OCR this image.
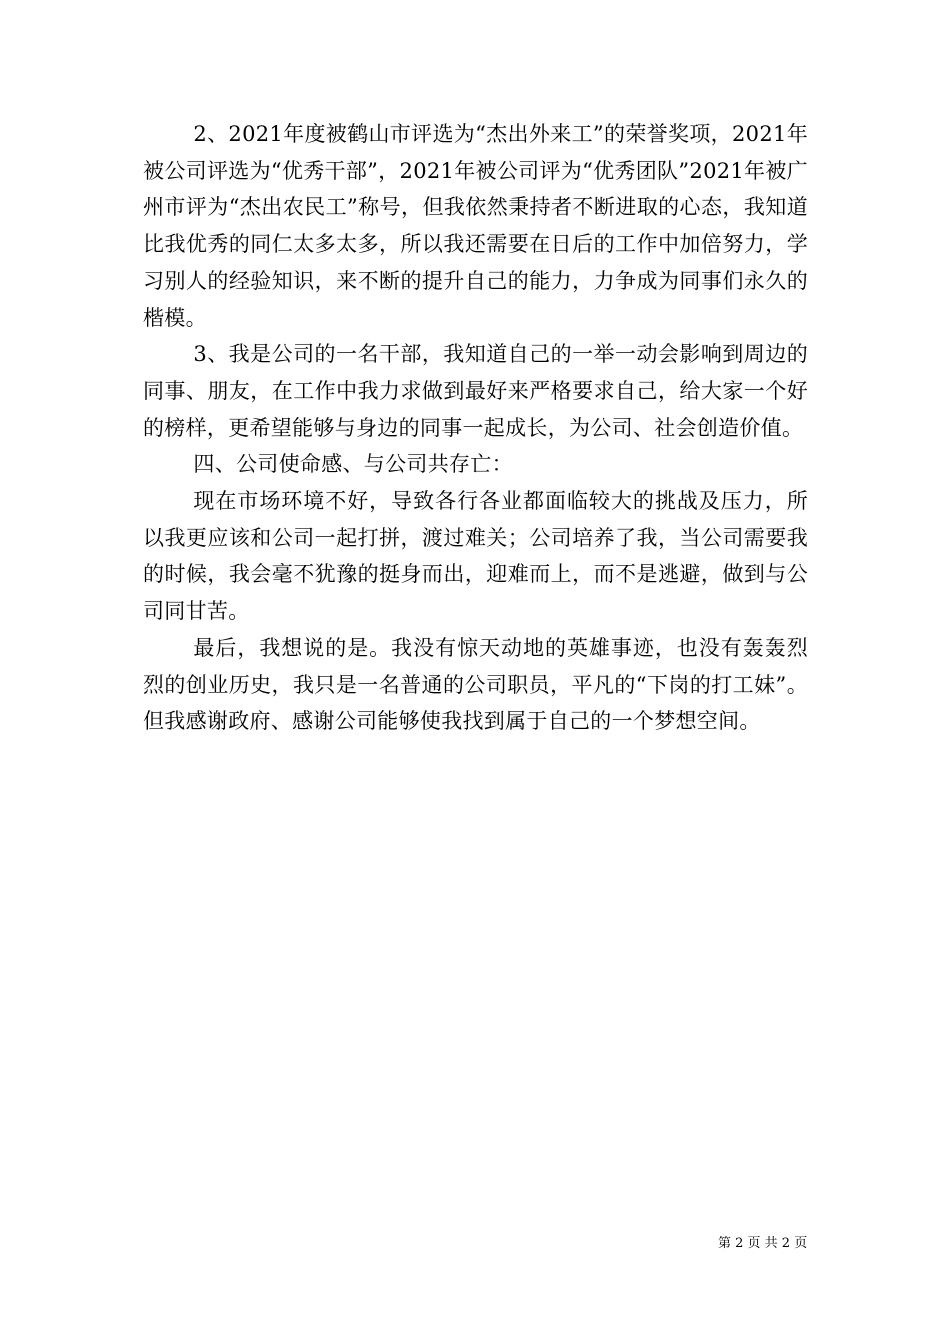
2、2021年度被鹤山市评选为“杰出外来工”的荣誉奖项，2021年被公司评选为“优秀干部”，2021年被公司评为“优秀团队”2021年被广州市评为“杰出农民工”称号，但我依然秉持者不断进取的心态，我知道比我优秀的同仁太多太多，所以我还需要在日后的工作中加倍努力，学习别人的经验知识，来不断的提升自己的能力，力争成为同事们永久的楷模。

3、我是公司的一名干部，我知道自己的一举一动会影响到周边的同事、朋友，在工作中我力求做到最好来严格要求自己，给大家一个好的榜样，更希望能够与身边的同事一起成长，为公司、社会创造价值。

四、公司使命感、与公司共存亡：

现在市场环境不好，导致各行各业都面临较大的挑战及压力，所以我更应该和公司一起打拼，渡过难关；公司培养了我，当公司需要我的时候，我会毫不犹豫的挺身而出，迎难而上，而不是逃避，做到与公司同甘苦。

最后，我想说的是。我没有惊天动地的英雄事迹，也没有轰轰烈烈的创业历史，我只是一名普通的公司职员，平凡的“下岗的打工妹”。但我感谢政府、感谢公司能够使我找到属于自己的一个梦想空间。

第 2 页 共 2 页
